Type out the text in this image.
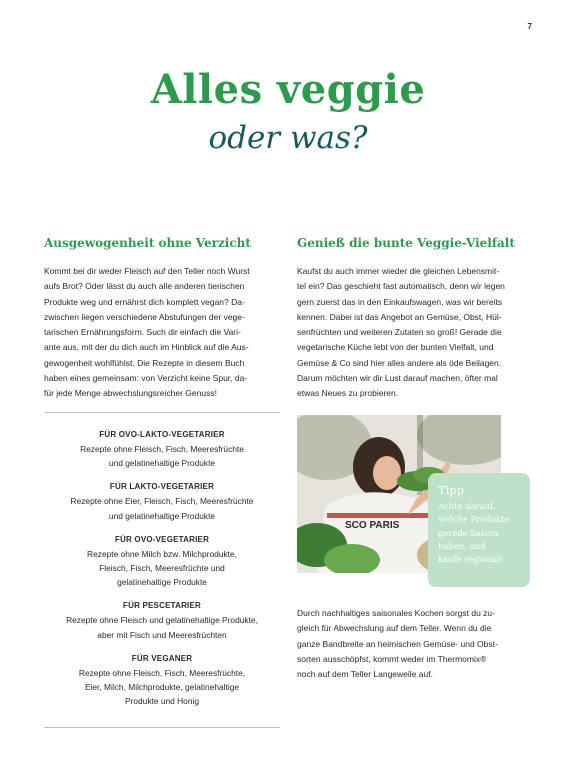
7
Alles veggie
oder was?
Ausgewogenheit ohne Verzicht
Kommt bei dir weder Fleisch auf den Teller noch Wurst
aufs Brot? Oder lässt du auch alle anderen tierischen
Produkte weg und ernährst dich komplett vegan? Da-
zwischen liegen verschiedene Abstufungen der vege-
tarischen Ernährungsform. Such dir einfach die Vari-
ante aus, mit der du dich auch im Hinblick auf die Aus-
gewogenheit wohlfühlst. Die Rezepte in diesem Buch
haben eines gemeinsam: von Verzicht keine Spur, da-
für jede Menge abwechslungsreicher Genuss!
FÜR OVO-LAKTO-VEGETARIER
Rezepte ohne Fleisch, Fisch, Meeresfrüchte
und gelatinehaltige Produkte
FÜR LAKTO-VEGETARIER
Rezepte ohne Eier, Fleisch, Fisch, Meeresfrüchte
und gelatinehaltige Produkte
FÜR OVO-VEGETARIER
Rezepte ohne Milch bzw. Milchprodukte,
Fleisch, Fisch, Meeresfrüchte und
gelatinehaltige Produkte
FÜR PESCETARIER
Rezepte ohne Fleisch und gelatinehaltige Produkte,
aber mit Fisch und Meeresfrüchten
FÜR VEGANER
Rezepte ohne Fleisch, Fisch, Meeresfrüchte,
Eier, Milch, Milchprodukte, gelatinehaltige
Produkte und Honig
Genieß die bunte Veggie-Vielfalt
Kaufst du auch immer wieder die gleichen Lebensmit-
tel ein? Das geschieht fast automatisch, denn wir legen
gern zuerst das in den Einkaufswagen, was wir bereits
kennen. Dabei ist das Angebot an Gemüse, Obst, Hül-
senfrüchten und weiteren Zutaten so groß! Gerade die
vegetarische Küche lebt von der bunten Vielfalt, und
Gemüse & Co sind hier alles andere als öde Beilagen.
Darum möchten wir dir Lust darauf machen, öfter mal
etwas Neues zu probieren.
SCO PARIS
Tipp
Achte darauf,
welche Produkte
gerade Saison
haben, und
kaufe regional!
Durch nachhaltiges saisonales Kochen sorgst du zu-
gleich für Abwechslung auf dem Teller. Wenn du die
ganze Bandbreite an heimischen Gemüse- und Obst-
sorten ausschöpfst, kommt weder im Thermomix®
noch auf dem Teller Langeweile auf.
